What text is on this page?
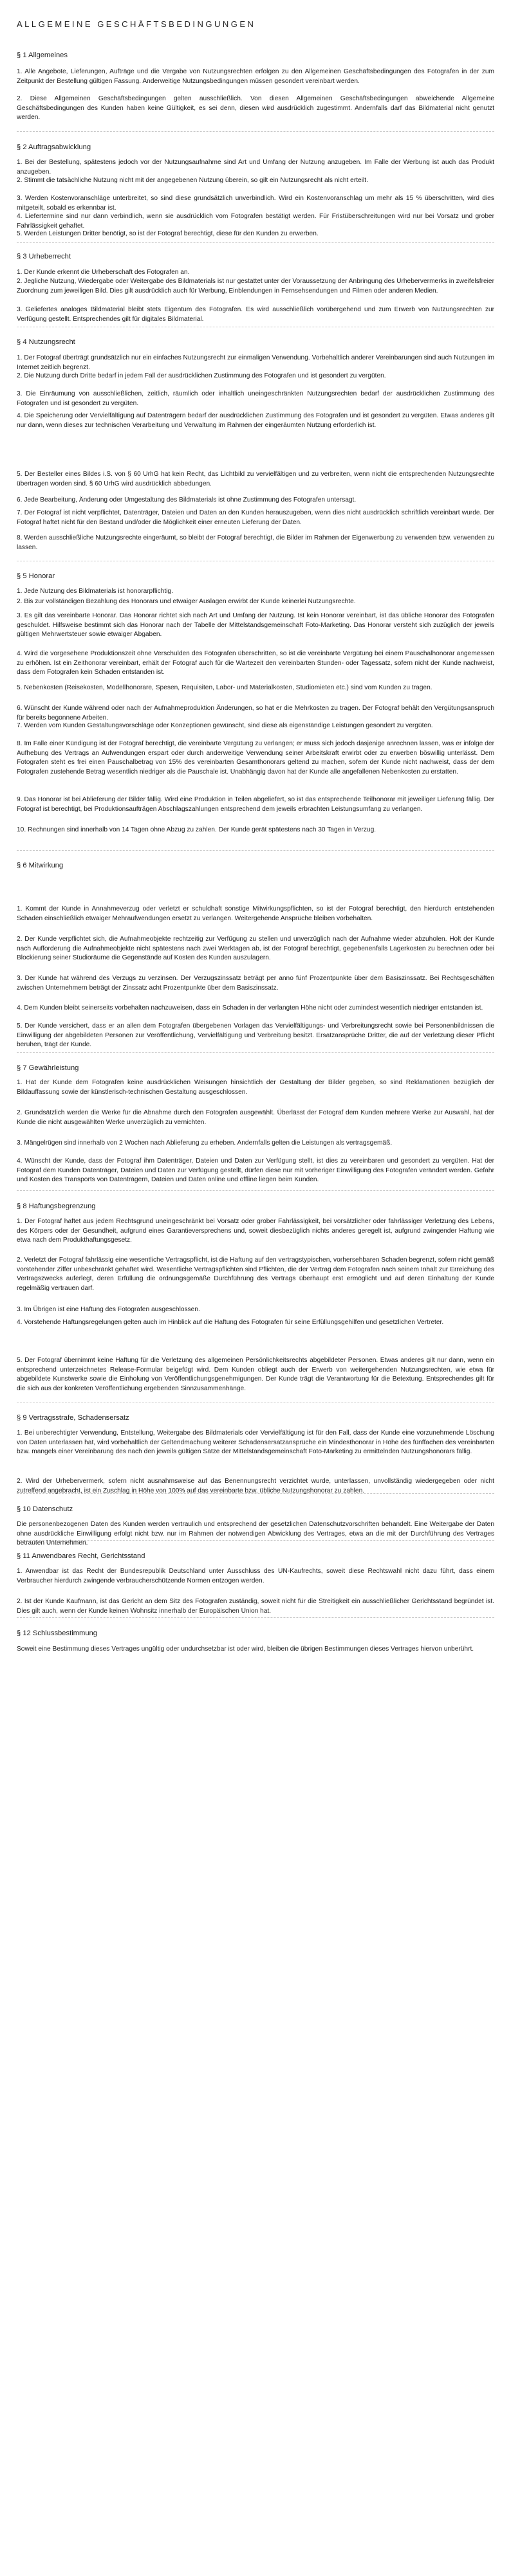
ALLGEMEINE GESCHÄFTSBEDINGUNGEN
§ 1 Allgemeines

1. Alle Angebote, Lieferungen, Aufträge und die Vergabe von Nutzungsrechten erfolgen zu den Allgemeinen Geschäftsbedingungen des Fotografen in der zum Zeitpunkt der Bestellung gültigen Fassung. Anderweitige Nutzungsbedingungen müssen gesondert vereinbart werden.

2. Diese Allgemeinen Geschäftsbedingungen gelten ausschließlich. Von diesen Allgemeinen Geschäftsbedingungen abweichende Allgemeine Geschäftsbedingungen des Kunden haben keine Gültigkeit, es sei denn, diesen wird ausdrücklich zugestimmt. Andernfalls darf das Bildmaterial nicht genutzt werden.

§ 2 Auftragsabwicklung

1. Bei der Bestellung, spätestens jedoch vor der Nutzungsaufnahme sind Art und Umfang der Nutzung anzugeben. Im Falle der Werbung ist auch das Produkt anzugeben.

2. Stimmt die tatsächliche Nutzung nicht mit der angegebenen Nutzung überein, so gilt ein Nutzungsrecht als nicht erteilt.

3. Werden Kostenvoranschläge unterbreitet, so sind diese grundsätzlich unverbindlich. Wird ein Kostenvoranschlag um mehr als 15 % überschritten, wird dies mitgeteilt, sobald es erkennbar ist.

4. Liefertermine sind nur dann verbindlich, wenn sie ausdrücklich vom Fotografen bestätigt werden. Für Fristüberschreitungen wird nur bei Vorsatz und grober Fahrlässigkeit gehaftet.

5. Werden Leistungen Dritter benötigt, so ist der Fotograf berechtigt, diese für den Kunden zu erwerben.

§ 3 Urheberrecht

1. Der Kunde erkennt die Urheberschaft des Fotografen an.

2. Jegliche Nutzung, Wiedergabe oder Weitergabe des Bildmaterials ist nur gestattet unter der Voraussetzung der Anbringung des Urhebervermerks in zweifelsfreier Zuordnung zum jeweiligen Bild. Dies gilt ausdrücklich auch für Werbung, Einblendungen in Fernsehsendungen und Filmen oder anderen Medien.

3. Geliefertes analoges Bildmaterial bleibt stets Eigentum des Fotografen. Es wird ausschließlich vorübergehend und zum Erwerb von Nutzungsrechten zur Verfügung gestellt. Entsprechendes gilt für digitales Bildmaterial.

§ 4 Nutzungsrecht

1. Der Fotograf überträgt grundsätzlich nur ein einfaches Nutzungsrecht zur einmaligen Verwendung. Vorbehaltlich anderer Vereinbarungen sind auch Nutzungen im Internet zeitlich begrenzt.

2. Die Nutzung durch Dritte bedarf in jedem Fall der ausdrücklichen Zustimmung des Fotografen und ist gesondert zu vergüten.

3. Die Einräumung von ausschließlichen, zeitlich, räumlich oder inhaltlich uneingeschränkten Nutzungsrechten bedarf der ausdrücklichen Zustimmung des Fotografen und ist gesondert zu vergüten.

4. Die Speicherung oder Vervielfältigung auf Datenträgern bedarf der ausdrücklichen Zustimmung des Fotografen und ist gesondert zu vergüten. Etwas anderes gilt nur dann, wenn dieses zur technischen Verarbeitung und Verwaltung im Rahmen der eingeräumten Nutzung erforderlich ist.

5. Der Besteller eines Bildes i.S. von § 60 UrhG hat kein Recht, das Lichtbild zu vervielfältigen und zu verbreiten, wenn nicht die entsprechenden Nutzungsrechte übertragen worden sind. § 60 UrhG wird ausdrücklich abbedungen.

6. Jede Bearbeitung, Änderung oder Umgestaltung des Bildmaterials ist ohne Zustimmung des Fotografen untersagt.

7. Der Fotograf ist nicht verpflichtet, Datenträger, Dateien und Daten an den Kunden herauszugeben, wenn dies nicht ausdrücklich schriftlich vereinbart wurde. Der Fotograf haftet nicht für den Bestand und/oder die Möglichkeit einer erneuten Lieferung der Daten.

8. Werden ausschließliche Nutzungsrechte eingeräumt, so bleibt der Fotograf berechtigt, die Bilder im Rahmen der Eigenwerbung zu verwenden bzw. verwenden zu lassen.

§ 5 Honorar

1. Jede Nutzung des Bildmaterials ist honorarpflichtig.

2. Bis zur vollständigen Bezahlung des Honorars und etwaiger Auslagen erwirbt der Kunde keinerlei Nutzungsrechte.

3. Es gilt das vereinbarte Honorar. Das Honorar richtet sich nach Art und Umfang der Nutzung. Ist kein Honorar vereinbart, ist das übliche Honorar des Fotografen geschuldet. Hilfsweise bestimmt sich das Honorar nach der Tabelle der Mittelstandsgemeinschaft Foto-Marketing. Das Honorar versteht sich zuzüglich der jeweils gültigen Mehrwertsteuer sowie etwaiger Abgaben.

4. Wird die vorgesehene Produktionszeit ohne Verschulden des Fotografen überschritten, so ist die vereinbarte Vergütung bei einem Pauschalhonorar angemessen zu erhöhen. Ist ein Zeithonorar vereinbart, erhält der Fotograf auch für die Wartezeit den vereinbarten Stunden- oder Tagessatz, sofern nicht der Kunde nachweist, dass dem Fotografen kein Schaden entstanden ist.

5. Nebenkosten (Reisekosten, Modellhonorare, Spesen, Requisiten, Labor- und Materialkosten, Studiomieten etc.) sind vom Kunden zu tragen.

6. Wünscht der Kunde während oder nach der Aufnahmeproduktion Änderungen, so hat er die Mehrkosten zu tragen. Der Fotograf behält den Vergütungsanspruch für bereits begonnene Arbeiten.

7. Werden vom Kunden Gestaltungsvorschläge oder Konzeptionen gewünscht, sind diese als eigenständige Leistungen gesondert zu vergüten.

8. Im Falle einer Kündigung ist der Fotograf berechtigt, die vereinbarte Vergütung zu verlangen; er muss sich jedoch dasjenige anrechnen lassen, was er infolge der Aufhebung des Vertrags an Aufwendungen erspart oder durch anderweitige Verwendung seiner Arbeitskraft erwirbt oder zu erwerben böswillig unterlässt. Dem Fotografen steht es frei einen Pauschalbetrag von 15% des vereinbarten Gesamthonorars geltend zu machen, sofern der Kunde nicht nachweist, dass der dem Fotografen zustehende Betrag wesentlich niedriger als die Pauschale ist. Unabhängig davon hat der Kunde alle angefallenen Nebenkosten zu erstatten.

9. Das Honorar ist bei Ablieferung der Bilder fällig. Wird eine Produktion in Teilen abgeliefert, so ist das entsprechende Teilhonorar mit jeweiliger Lieferung fällig. Der Fotograf ist berechtigt, bei Produktionsaufträgen Abschlagszahlungen entsprechend dem jeweils erbrachten Leistungsumfang zu verlangen.

10. Rechnungen sind innerhalb von 14 Tagen ohne Abzug zu zahlen. Der Kunde gerät spätestens nach 30 Tagen in Verzug.

§ 6 Mitwirkung

1. Kommt der Kunde in Annahmeverzug oder verletzt er schuldhaft sonstige Mitwirkungspflichten, so ist der Fotograf berechtigt, den hierdurch entstehenden Schaden einschließlich etwaiger Mehraufwendungen ersetzt zu verlangen. Weitergehende Ansprüche bleiben vorbehalten.

2. Der Kunde verpflichtet sich, die Aufnahmeobjekte rechtzeitig zur Verfügung zu stellen und unverzüglich nach der Aufnahme wieder abzuholen. Holt der Kunde nach Aufforderung die Aufnahmeobjekte nicht spätestens nach zwei Werktagen ab, ist der Fotograf berechtigt, gegebenenfalls Lagerkosten zu berechnen oder bei Blockierung seiner Studioräume die Gegenstände auf Kosten des Kunden auszulagern.

3. Der Kunde hat während des Verzugs zu verzinsen. Der Verzugszinssatz beträgt per anno fünf Prozentpunkte über dem Basiszinssatz. Bei Rechtsgeschäften zwischen Unternehmern beträgt der Zinssatz acht Prozentpunkte über dem Basiszinssatz.

4. Dem Kunden bleibt seinerseits vorbehalten nachzuweisen, dass ein Schaden in der verlangten Höhe nicht oder zumindest wesentlich niedriger entstanden ist.

5. Der Kunde versichert, dass er an allen dem Fotografen übergebenen Vorlagen das Vervielfältigungs- und Verbreitungsrecht sowie bei Personenbildnissen die Einwilligung der abgebildeten Personen zur Veröffentlichung, Vervielfältigung und Verbreitung besitzt. Ersatzansprüche Dritter, die auf der Verletzung dieser Pflicht beruhen, trägt der Kunde.

§ 7 Gewährleistung

1. Hat der Kunde dem Fotografen keine ausdrücklichen Weisungen hinsichtlich der Gestaltung der Bilder gegeben, so sind Reklamationen bezüglich der Bildauffassung sowie der künstlerisch-technischen Gestaltung ausgeschlossen.

2. Grundsätzlich werden die Werke für die Abnahme durch den Fotografen ausgewählt. Überlässt der Fotograf dem Kunden mehrere Werke zur Auswahl, hat der Kunde die nicht ausgewählten Werke unverzüglich zu vernichten.

3. Mängelrügen sind innerhalb von 2 Wochen nach Ablieferung zu erheben. Andernfalls gelten die Leistungen als vertragsgemäß.

4. Wünscht der Kunde, dass der Fotograf ihm Datenträger, Dateien und Daten zur Verfügung stellt, ist dies zu vereinbaren und gesondert zu vergüten. Hat der Fotograf dem Kunden Datenträger, Dateien und Daten zur Verfügung gestellt, dürfen diese nur mit vorheriger Einwilligung des Fotografen verändert werden. Gefahr und Kosten des Transports von Datenträgern, Dateien und Daten online und offline liegen beim Kunden.

§ 8 Haftungsbegrenzung

1. Der Fotograf haftet aus jedem Rechtsgrund uneingeschränkt bei Vorsatz oder grober Fahrlässigkeit, bei vorsätzlicher oder fahrlässiger Verletzung des Lebens, des Körpers oder der Gesundheit, aufgrund eines Garantieversprechens und, soweit diesbezüglich nichts anderes geregelt ist, aufgrund zwingender Haftung wie etwa nach dem Produkthaftungsgesetz.

2. Verletzt der Fotograf fahrlässig eine wesentliche Vertragspflicht, ist die Haftung auf den vertragstypischen, vorhersehbaren Schaden begrenzt, sofern nicht gemäß vorstehender Ziffer unbeschränkt gehaftet wird. Wesentliche Vertragspflichten sind Pflichten, die der Vertrag dem Fotografen nach seinem Inhalt zur Erreichung des Vertragszwecks auferlegt, deren Erfüllung die ordnungsgemäße Durchführung des Vertrags überhaupt erst ermöglicht und auf deren Einhaltung der Kunde regelmäßig vertrauen darf.

3. Im Übrigen ist eine Haftung des Fotografen ausgeschlossen.

4. Vorstehende Haftungsregelungen gelten auch im Hinblick auf die Haftung des Fotografen für seine Erfüllungsgehilfen und gesetzlichen Vertreter.

5. Der Fotograf übernimmt keine Haftung für die Verletzung des allgemeinen Persönlichkeitsrechts abgebildeter Personen. Etwas anderes gilt nur dann, wenn ein entsprechend unterzeichnetes Release-Formular beigefügt wird. Dem Kunden obliegt auch der Erwerb von weitergehenden Nutzungsrechten, wie etwa für abgebildete Kunstwerke sowie die Einholung von Veröffentlichungsgenehmigungen. Der Kunde trägt die Verantwortung für die Betextung. Entsprechendes gilt für die sich aus der konkreten Veröffentlichung ergebenden Sinnzusammenhänge.

§ 9 Vertragsstrafe, Schadensersatz

1. Bei unberechtigter Verwendung, Entstellung, Weitergabe des Bildmaterials oder Vervielfältigung ist für den Fall, dass der Kunde eine vorzunehmende Löschung von Daten unterlassen hat, wird vorbehaltlich der Geltendmachung weiterer Schadensersatzansprüche ein Mindesthonorar in Höhe des fünffachen des vereinbarten bzw. mangels einer Vereinbarung des nach den jeweils gültigen Sätze der Mittelstandsgemeinschaft Foto-Marketing zu ermittelnden Nutzungshonorars fällig.

2. Wird der Urhebervermerk, sofern nicht ausnahmsweise auf das Benennungsrecht verzichtet wurde, unterlassen, unvollständig wiedergegeben oder nicht zutreffend angebracht, ist ein Zuschlag in Höhe von 100% auf das vereinbarte bzw. übliche Nutzungshonorar zu zahlen.

§ 10 Datenschutz

Die personenbezogenen Daten des Kunden werden vertraulich und entsprechend der gesetzlichen Datenschutzvorschriften behandelt. Eine Weitergabe der Daten ohne ausdrückliche Einwilligung erfolgt nicht bzw. nur im Rahmen der notwendigen Abwicklung des Vertrages, etwa an die mit der Durchführung des Vertrages betrauten Unternehmen.

§ 11 Anwendbares Recht, Gerichtsstand

1. Anwendbar ist das Recht der Bundesrepublik Deutschland unter Ausschluss des UN-Kaufrechts, soweit diese Rechtswahl nicht dazu führt, dass einem Verbraucher hierdurch zwingende verbraucherschützende Normen entzogen werden.

2. Ist der Kunde Kaufmann, ist das Gericht an dem Sitz des Fotografen zuständig, soweit nicht für die Streitigkeit ein ausschließlicher Gerichtsstand begründet ist. Dies gilt auch, wenn der Kunde keinen Wohnsitz innerhalb der Europäischen Union hat.

§ 12 Schlussbestimmung

Soweit eine Bestimmung dieses Vertrages ungültig oder undurchsetzbar ist oder wird, bleiben die übrigen Bestimmungen dieses Vertrages hiervon unberührt.
